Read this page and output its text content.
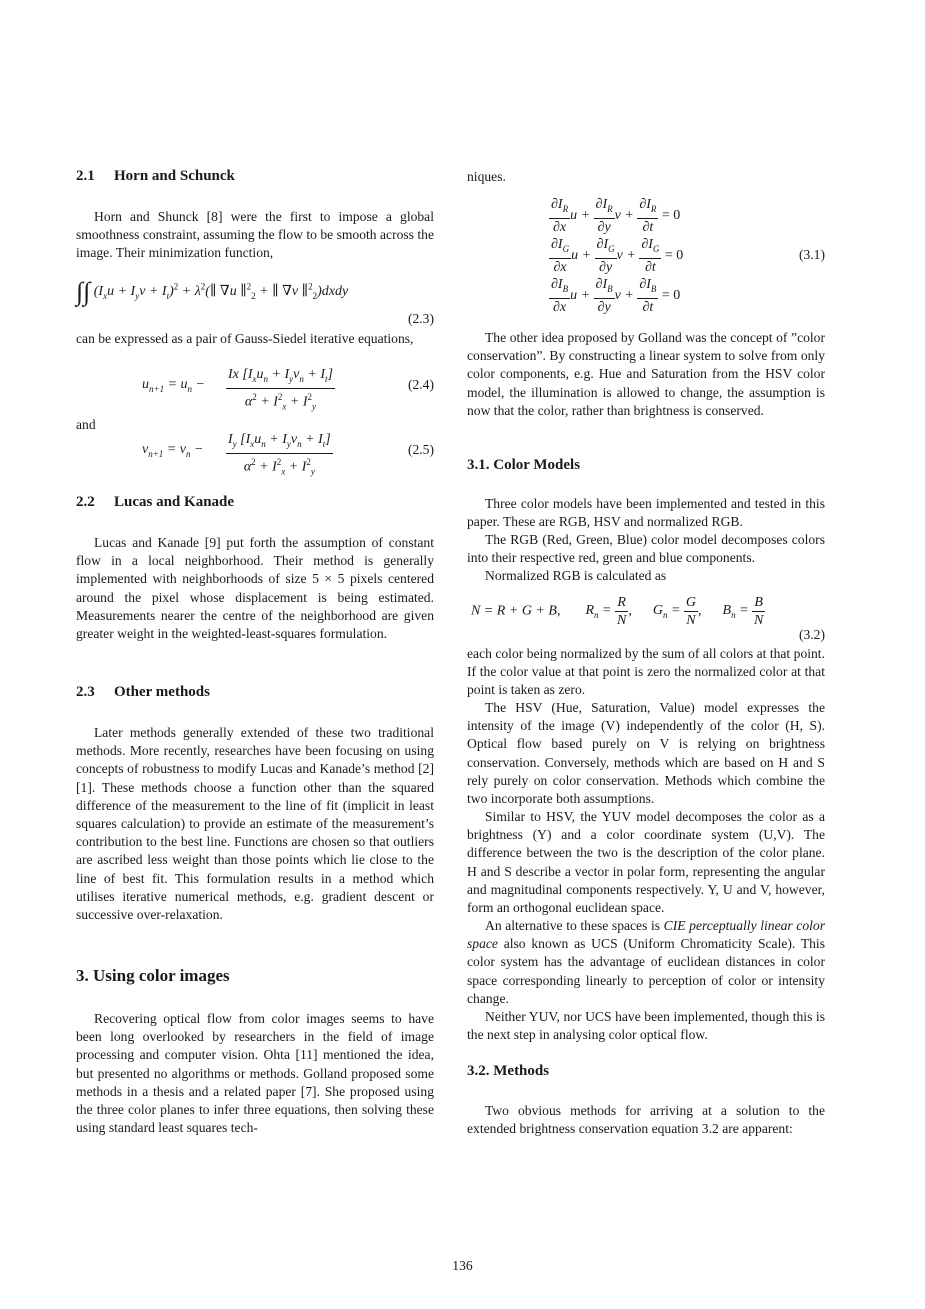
2.1 Horn and Schunck

Horn and Shunck [8] were the first to impose a global smoothness constraint, assuming the flow to be smooth across the image. Their minimization function,

∫∫ $(I_xu + I_yv + I_t)^2$ + $\lambda^2(\parallel$ ∇u ∥$^2_2$ + ∥ ∇v ∥$^2_2$)dxdy
(2.3)

can be expressed as a pair of Gauss-Siedel iterative equations,

$u_{n+1} = u_n$ −
Ix $[I_xu_n + I_yv_n + I_t]$
$\alpha^2 + I^2_x + I^2_y$
(2.4)

and

$v_{n+1} = v_n$ −
$I_y$ $[I_xu_n + I_yv_n + I_t]$
$\alpha^2 + I^2_x + I^2_y$
(2.5)
2.2 Lucas and Kanade

Lucas and Kanade [9] put forth the assumption of constant flow in a local neighborhood. Their method is generally implemented with neighborhoods of size 5 × 5 pixels centered around the pixel whose displacement is being estimated. Measurements nearer the centre of the neighborhood are given greater weight in the weighted-least-squares formulation.

2.3 Other methods

Later methods generally extended of these two traditional methods. More recently, researches have been focusing on using concepts of robustness to modify Lucas and Kanade’s method [2][1]. These methods choose a function other than the squared difference of the measurement to the line of fit (implicit in least squares calculation) to provide an estimate of the measurement’s contribution to the best line. Functions are chosen so that outliers are ascribed less weight than those points which lie close to the line of best fit. This formulation results in a method which utilises iterative numerical methods, e.g. gradient descent or successive over-relaxation.

3. Using color images

Recovering optical flow from color images seems to have been long overlooked by researchers in the field of image processing and computer vision. Ohta [11] mentioned the idea, but presented no algorithms or methods. Golland proposed some methods in a thesis and a related paper [7]. She proposed using the three color planes to infer three equations, then solving these using standard least squares tech-

niques.

$\frac{\partial I_R}{\partial x}$ $u + \frac{\partial I_R}{\partial y}$ $v + \frac{\partial I_R}{\partial t} = 0$
$\frac{\partial I_G}{\partial x}$ $u + \frac{\partial I_G}{\partial y}$ $v + \frac{\partial I_G}{\partial t} = 0$
$\frac{\partial I_B}{\partial x}$ $u + \frac{\partial I_B}{\partial y}$ $v + \frac{\partial I_B}{\partial t} = 0$
(3.1)

The other idea proposed by Golland was the concept of ”color conservation”. By constructing a linear system to solve from only color components, e.g. Hue and Saturation from the HSV color model, the illumination is allowed to change, the assumption is now that the color, rather than brightness is conserved.

3.1. Color Models

Three color models have been implemented and tested in this paper. These are RGB, HSV and normalized RGB.

The RGB (Red, Green, Blue) color model decomposes colors into their respective red, green and blue components.

Normalized RGB is calculated as

N = R + G + B, $R_n = \frac{R}{N}$ ,  $G_n = \frac{G}{N}$ ,  $B_n = \frac{B}{N}$
(3.2)

each color being normalized by the sum of all colors at that point. If the color value at that point is zero the normalized color at that point is taken as zero.

The HSV (Hue, Saturation, Value) model expresses the intensity of the image (V) independently of the color (H, S). Optical flow based purely on V is relying on brightness conservation. Conversely, methods which are based on H and S rely purely on color conservation. Methods which combine the two incorporate both assumptions.

Similar to HSV, the YUV model decomposes the color as a brightness (Y) and a color coordinate system (U,V). The difference between the two is the description of the color plane. H and S describe a vector in polar form, representing the angular and magnitudinal components respectively. Y, U and V, however, form an orthogonal euclidean space.

An alternative to these spaces is CIE perceptually linear color space also known as UCS (Uniform Chromaticity Scale). This color system has the advantage of euclidean distances in color space corresponding linearly to perception of color or intensity change.

Neither YUV, nor UCS have been implemented, though this is the next step in analysing color optical flow.

3.2. Methods

Two obvious methods for arriving at a solution to the extended brightness conservation equation 3.2 are apparent:

136
